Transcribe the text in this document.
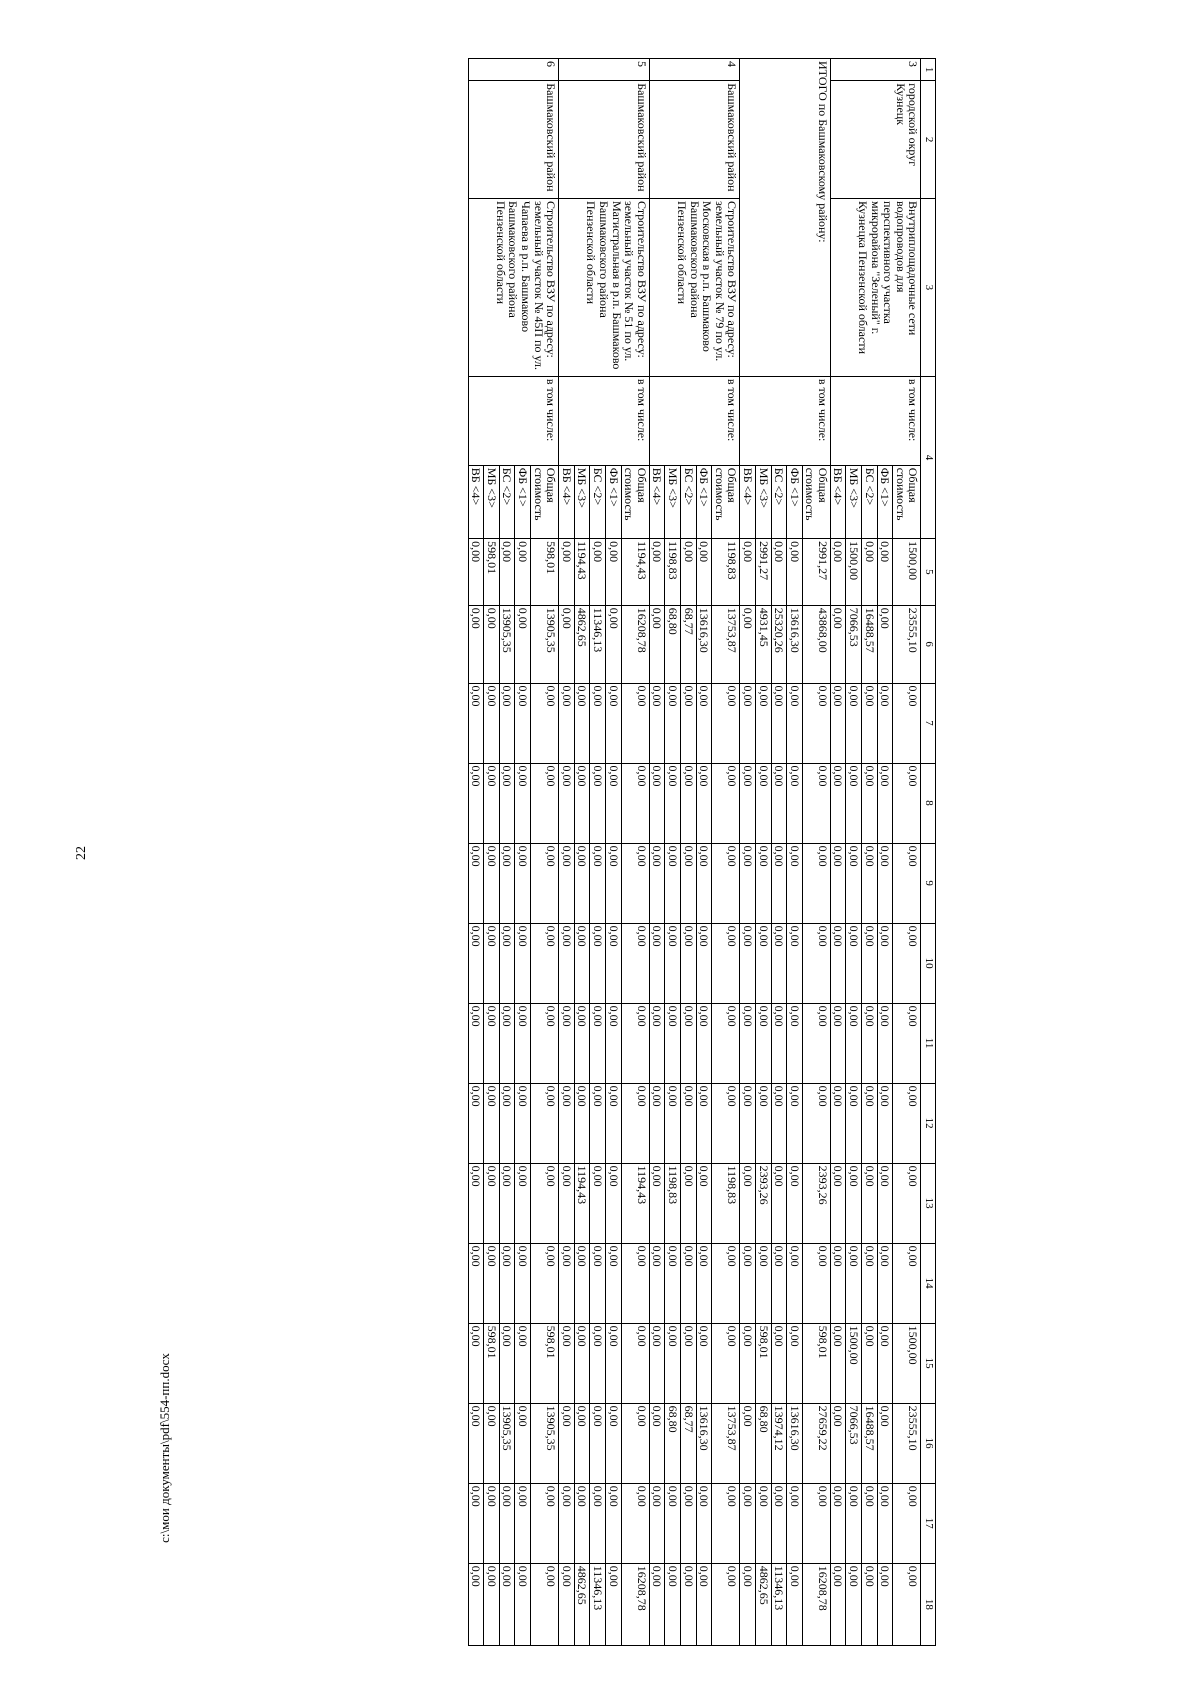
22
c:\мои документы\pdf\554-пп.docx
1	2	3	4		5	6	7	8	9	10	11	12	13	14	15	16	17	18
3	городской округ Кузнецк	Внутриплощадочные сети водопроводов для перспективного участка микрорайона "Зеленый" г. Кузнецка Пензенской области	в том числе:	Общая стоимость	1500,00	23555,10	0,00	0,00	0,00	0,00	0,00	0,00	0,00	0,00	1500,00	23555,10	0,00	0,00
				ФБ <1>	0,00	0,00	0,00	0,00	0,00	0,00	0,00	0,00	0,00	0,00	0,00	0,00	0,00	0,00
				БС <2>	0,00	16488,57	0,00	0,00	0,00	0,00	0,00	0,00	0,00	0,00	0,00	16488,57	0,00	0,00
				МБ <3>	1500,00	7066,53	0,00	0,00	0,00	0,00	0,00	0,00	0,00	0,00	1500,00	7066,53	0,00	0,00
				ВБ <4>	0,00	0,00	0,00	0,00	0,00	0,00	0,00	0,00	0,00	0,00	0,00	0,00	0,00	0,00
ИТОГО по Башмаковскому району:			в том числе:	Общая стоимость	2991,27	43868,00	0,00	0,00	0,00	0,00	0,00	0,00	2393,26	0,00	598,01	27659,22	0,00	16208,78
				ФБ <1>	0,00	13616,30	0,00	0,00	0,00	0,00	0,00	0,00	0,00	0,00	0,00	13616,30	0,00	0,00
				БС <2>	0,00	25320,26	0,00	0,00	0,00	0,00	0,00	0,00	0,00	0,00	0,00	13974,12	0,00	11346,13
				МБ <3>	2991,27	4931,45	0,00	0,00	0,00	0,00	0,00	0,00	2393,26	0,00	598,01	68,80	0,00	4862,65
				ВБ <4>	0,00	0,00	0,00	0,00	0,00	0,00	0,00	0,00	0,00	0,00	0,00	0,00	0,00	0,00
4	Башмаковский район	Строительство ВЗУ по адресу: земельный участок № 79 по ул. Московская в р.п. Башмаково Башмаковского района Пензенской области	в том числе:	Общая стоимость	1198,83	13753,87	0,00	0,00	0,00	0,00	0,00	0,00	1198,83	0,00	0,00	13753,87	0,00	0,00
				ФБ <1>	0,00	13616,30	0,00	0,00	0,00	0,00	0,00	0,00	0,00	0,00	0,00	13616,30	0,00	0,00
				БС <2>	0,00	68,77	0,00	0,00	0,00	0,00	0,00	0,00	0,00	0,00	0,00	68,77	0,00	0,00
				МБ <3>	1198,83	68,80	0,00	0,00	0,00	0,00	0,00	0,00	1198,83	0,00	0,00	68,80	0,00	0,00
				ВБ <4>	0,00	0,00	0,00	0,00	0,00	0,00	0,00	0,00	0,00	0,00	0,00	0,00	0,00	0,00
5	Башмаковский район	Строительство ВЗУ по адресу: земельный участок № 51 по ул. Магистральная в р.п. Башмаково Башмаковского района Пензенской области	в том числе:	Общая стоимость	1194,43	16208,78	0,00	0,00	0,00	0,00	0,00	0,00	1194,43	0,00	0,00	0,00	0,00	16208,78
				ФБ <1>	0,00	0,00	0,00	0,00	0,00	0,00	0,00	0,00	0,00	0,00	0,00	0,00	0,00	0,00
				БС <2>	0,00	11346,13	0,00	0,00	0,00	0,00	0,00	0,00	0,00	0,00	0,00	0,00	0,00	11346,13
				МБ <3>	1194,43	4862,65	0,00	0,00	0,00	0,00	0,00	0,00	1194,43	0,00	0,00	0,00	0,00	4862,65
				ВБ <4>	0,00	0,00	0,00	0,00	0,00	0,00	0,00	0,00	0,00	0,00	0,00	0,00	0,00	0,00
6	Башмаковский район	Строительство ВЗУ по адресу: земельный участок № 45П по ул. Чапаева в р.п. Башмаково Башмаковского района Пензенской области	в том числе:	Общая стоимость	598,01	13905,35	0,00	0,00	0,00	0,00	0,00	0,00	0,00	0,00	598,01	13905,35	0,00	0,00
				ФБ <1>	0,00	0,00	0,00	0,00	0,00	0,00	0,00	0,00	0,00	0,00	0,00	0,00	0,00	0,00
				БС <2>	0,00	13905,35	0,00	0,00	0,00	0,00	0,00	0,00	0,00	0,00	0,00	13905,35	0,00	0,00
				МБ <3>	598,01	0,00	0,00	0,00	0,00	0,00	0,00	0,00	0,00	0,00	598,01	0,00	0,00	0,00
				ВБ <4>	0,00	0,00	0,00	0,00	0,00	0,00	0,00	0,00	0,00	0,00	0,00	0,00	0,00	0,00
